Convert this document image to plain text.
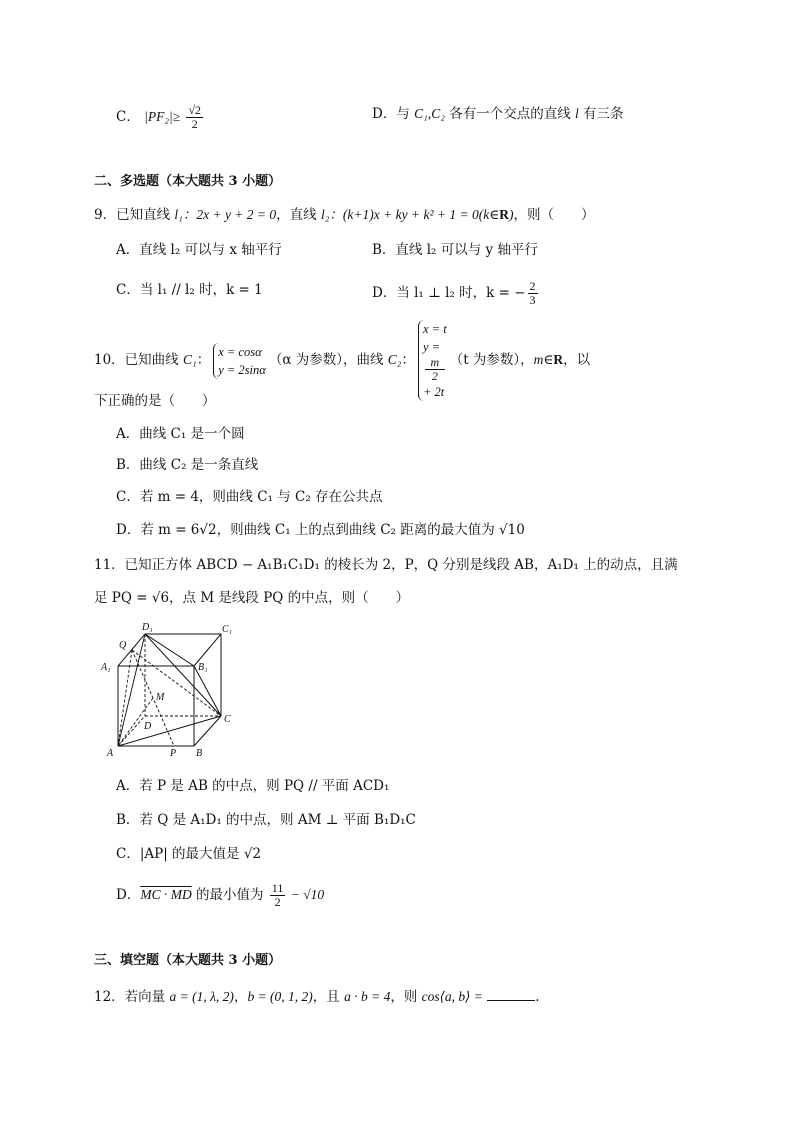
C． $|PF_2|\ge \frac{√2}{2}$	D．与 C₁,C₂ 各有一个交点的直线 l 有三条
二、多选题（本大题共 3 小题）
9．已知直线 l₁：2x + y + 2 = 0，直线 l₂：(k+1)x + ky + k² + 1 = 0(k∈R)，则（　　）
A．直线 l₂ 可以与 x 轴平行	B．直线 l₂ 可以与 y 轴平行
C．当 l₁ // l₂ 时，k = 1	D．当 l₁ ⊥ l₂ 时，k = − $\frac{2}{3}$
10．已知曲线 C₁：
x = cosα
y = 2sinα
（α 为参数），曲线 C₂：
x = t
y =
m
2
+ 2t
（t 为参数），m∈R，以
下正确的是（　　）
A．曲线 C₁ 是一个圆
B．曲线 C₂ 是一条直线
C．若 m = 4，则曲线 C₁ 与 C₂ 存在公共点
D．若 m = 6√2，则曲线 C₁ 上的点到曲线 C₂ 距离的最大值为 √10
11．已知正方体 ABCD − A₁B₁C₁D₁ 的棱长为 2，P，Q 分别是线段 AB，A₁D₁ 上的动点，且满
足 PQ = √6，点 M 是线段 PQ 的中点，则（　　）
D₁	C₁
Q
A₁	B₁
M
D
C
A	P B
A．若 P 是 AB 的中点，则 PQ // 平面 ACD₁
B．若 Q 是 A₁D₁ 的中点，则 AM ⊥ 平面 B₁D₁C
C．|AP| 的最大值是 √2
D．MC · MD 的最小值为 $\frac{11}{2} - √10$
三、填空题（本大题共 3 小题）
12．若向量 a = (1, λ, 2)，b = (0, 1, 2)，且 a · b = 4，则 cos⟨a, b⟩ =	.
